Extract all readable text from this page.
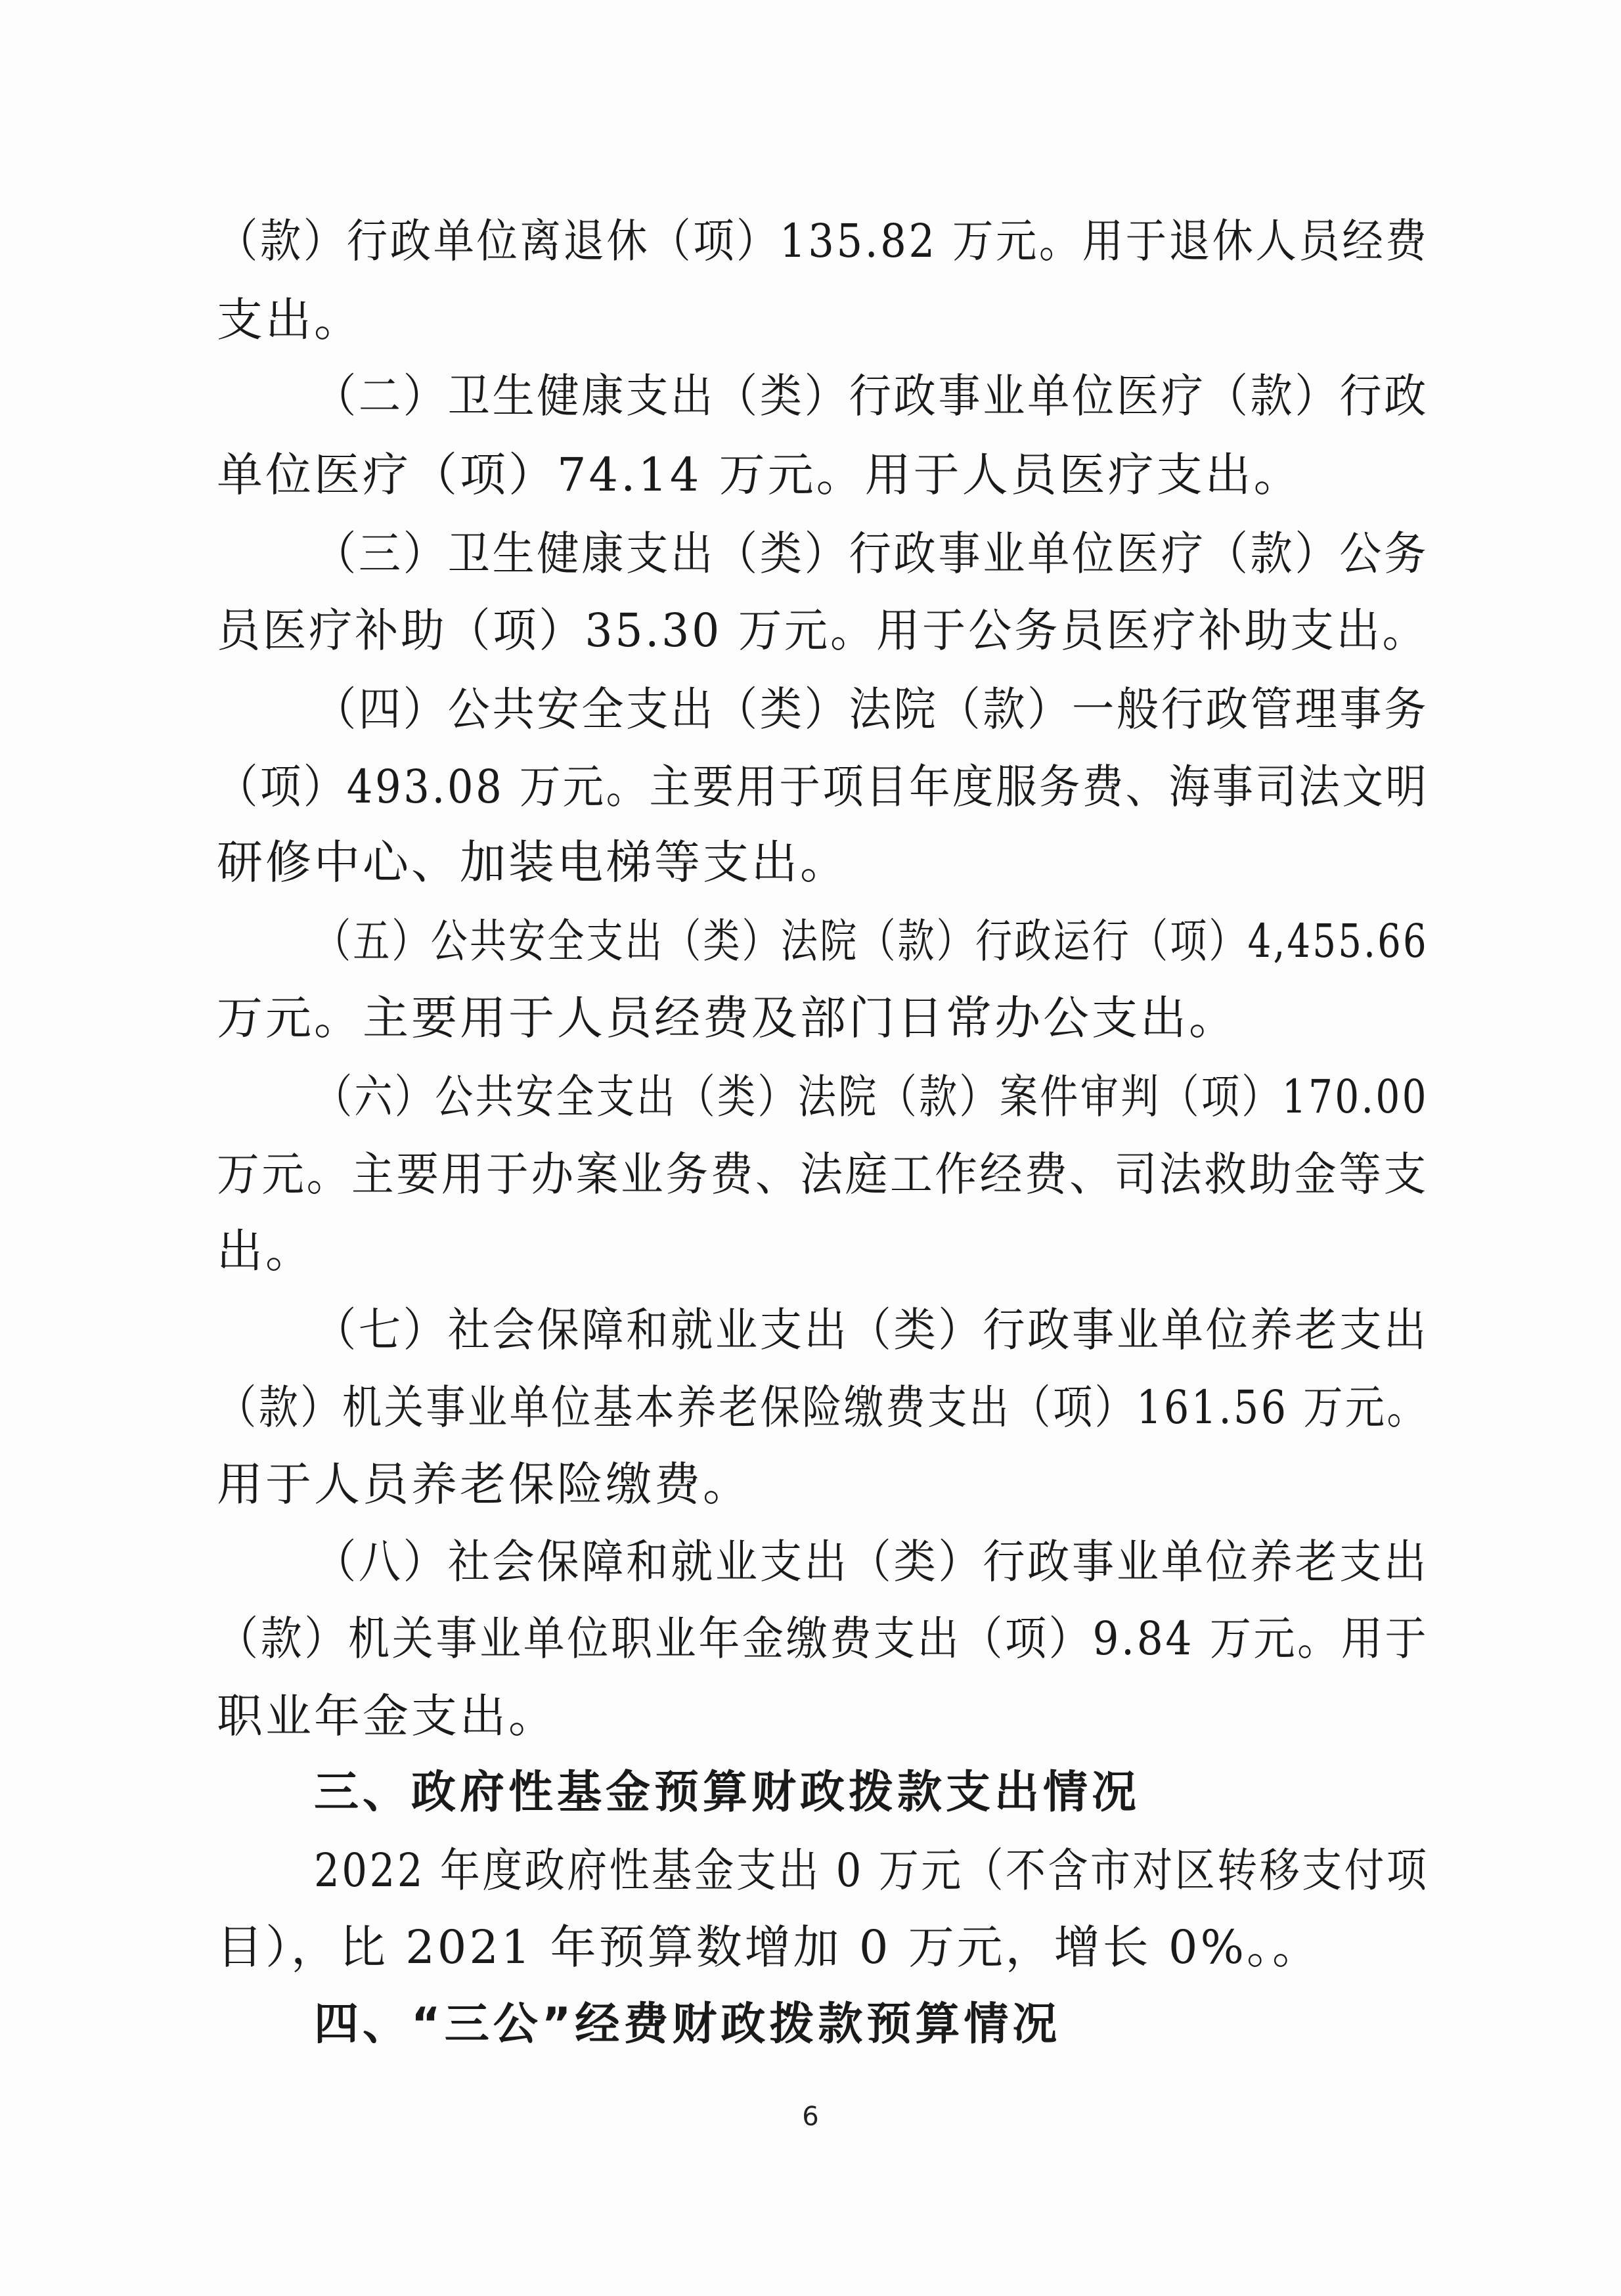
（款）行政单位离退休（项）135.82 万元。用于退休人员经费
支出。
（二）卫生健康支出（类）行政事业单位医疗（款）行政
单位医疗（项）74.14 万元。用于人员医疗支出。
（三）卫生健康支出（类）行政事业单位医疗（款）公务
员医疗补助（项）35.30 万元。用于公务员医疗补助支出。
（四）公共安全支出（类）法院（款）一般行政管理事务
（项）493.08 万元。主要用于项目年度服务费、海事司法文明
研修中心、加装电梯等支出。
（五）公共安全支出（类）法院（款）行政运行（项）4,455.66
万元。主要用于人员经费及部门日常办公支出。
（六）公共安全支出（类）法院（款）案件审判（项）170.00
万元。主要用于办案业务费、法庭工作经费、司法救助金等支
出。
（七）社会保障和就业支出（类）行政事业单位养老支出
（款）机关事业单位基本养老保险缴费支出（项）161.56 万元。
用于人员养老保险缴费。
（八）社会保障和就业支出（类）行政事业单位养老支出
（款）机关事业单位职业年金缴费支出（项）9.84 万元。用于
职业年金支出。
三、政府性基金预算财政拨款支出情况
2022 年度政府性基金支出 0 万元（不含市对区转移支付项
目），比 2021 年预算数增加 0 万元，增长 0%。。
四、“三公”经费财政拨款预算情况
6
